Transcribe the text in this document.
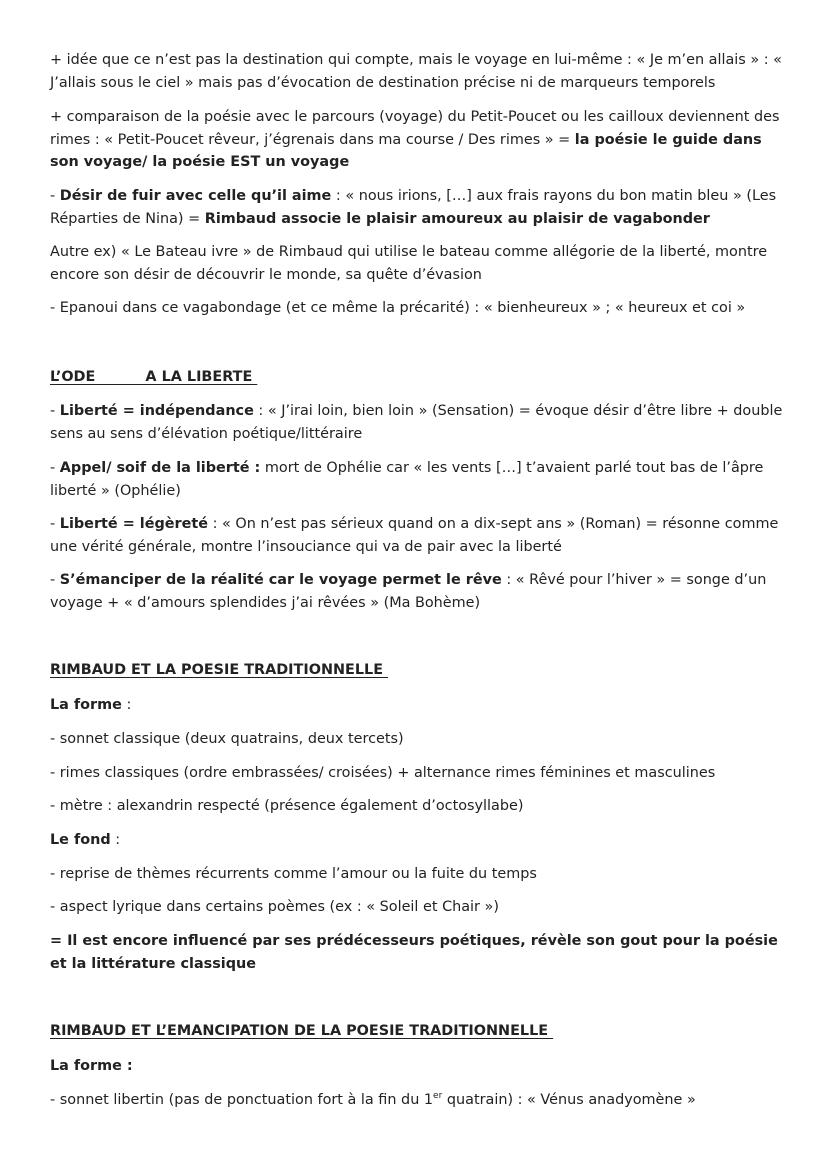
+ idée que ce n’est pas la destination qui compte, mais le voyage en lui-même : « Je m’en allais » : « J’allais sous le ciel » mais pas d’évocation de destination précise ni de marqueurs temporels

+ comparaison de la poésie avec le parcours (voyage) du Petit-Poucet ou les cailloux deviennent des rimes : « Petit-Poucet rêveur, j’égrenais dans ma course / Des rimes » = la poésie le guide dans son voyage/ la poésie EST un voyage

- Désir de fuir avec celle qu’il aime : « nous irions, […] aux frais rayons du bon matin bleu » (Les Réparties de Nina) = Rimbaud associe le plaisir amoureux au plaisir de vagabonder

Autre ex) « Le Bateau ivre » de Rimbaud qui utilise le bateau comme allégorie de la liberté, montre encore son désir de découvrir le monde, sa quête d’évasion

- Epanoui dans ce vagabondage (et ce même la précarité) : « bienheureux » ; « heureux et coi »

L’ODE          A LA LIBERTE

- Liberté = indépendance : « J’irai loin, bien loin » (Sensation) = évoque désir d’être libre + double sens au sens d’élévation poétique/littéraire

- Appel/ soif de la liberté : mort de Ophélie car « les vents […] t’avaient parlé tout bas de l’âpre liberté » (Ophélie)

- Liberté = légèreté : « On n’est pas sérieux quand on a dix-sept ans » (Roman) = résonne comme une vérité générale, montre l’insouciance qui va de pair avec la liberté

- S’émanciper de la réalité car le voyage permet le rêve : « Rêvé pour l’hiver » = songe d’un voyage + « d’amours splendides j’ai rêvées » (Ma Bohème)

RIMBAUD ET LA POESIE TRADITIONNELLE

La forme :

- sonnet classique (deux quatrains, deux tercets)

- rimes classiques (ordre embrassées/ croisées) + alternance rimes féminines et masculines

- mètre : alexandrin respecté (présence également d’octosyllabe)

Le fond :

- reprise de thèmes récurrents comme l’amour ou la fuite du temps

- aspect lyrique dans certains poèmes (ex : « Soleil et Chair »)

= Il est encore influencé par ses prédécesseurs poétiques, révèle son gout pour la poésie et la littérature classique

RIMBAUD ET L’EMANCIPATION DE LA POESIE TRADITIONNELLE

La forme :

- sonnet libertin (pas de ponctuation fort à la fin du 1er quatrain) : « Vénus anadyomène »
